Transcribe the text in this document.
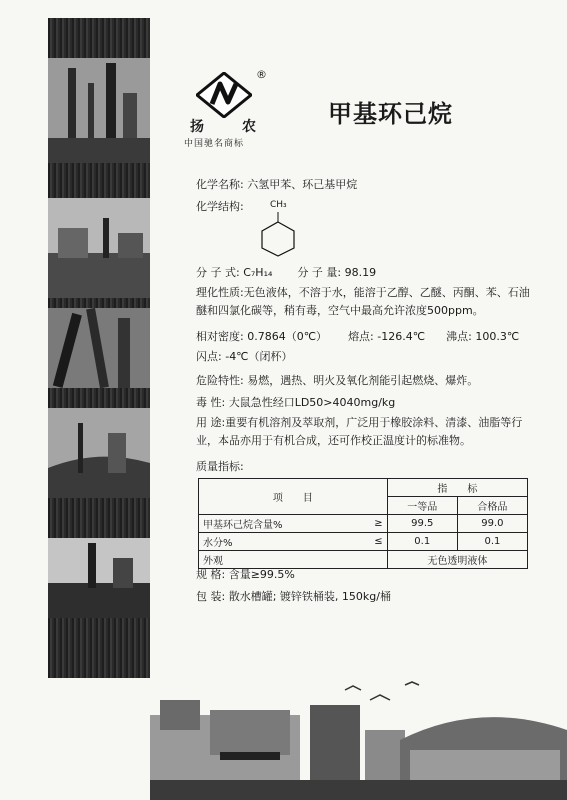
®
扬	农
中国驰名商标
甲基环己烷
化学名称: 六氢甲苯、环己基甲烷
化学结构:	CH₃
分 子 式: C₇H₁₄ 分 子 量: 98.19
理化性质:无色液体，不溶于水，能溶于乙醇、乙醚、丙酮、苯、石油醚和四氯化碳等，稍有毒，空气中最高允许浓度500ppm。
相对密度: 0.7864（0℃） 熔点: -126.4℃ 沸点: 100.3℃
闪点: -4℃（闭杯）
危险特性: 易燃，遇热、明火及氧化剂能引起燃烧、爆炸。
毒 性: 大鼠急性经口LD50>4040mg/kg
用 途:重要有机溶剂及萃取剂，广泛用于橡胶涂料、清漆、油脂等行业，本品亦用于有机合成，还可作校正温度计的标准物。
质量指标:
项　　目		指　　标	
		一等品	合格品
甲基环己烷含量%	≥	99.5	99.0
水分%	≤	0.1	0.1
外观		无色透明液体	
规 格: 含量≥99.5%
包 装: 散水槽罐; 镀锌铁桶装, 150kg/桶
